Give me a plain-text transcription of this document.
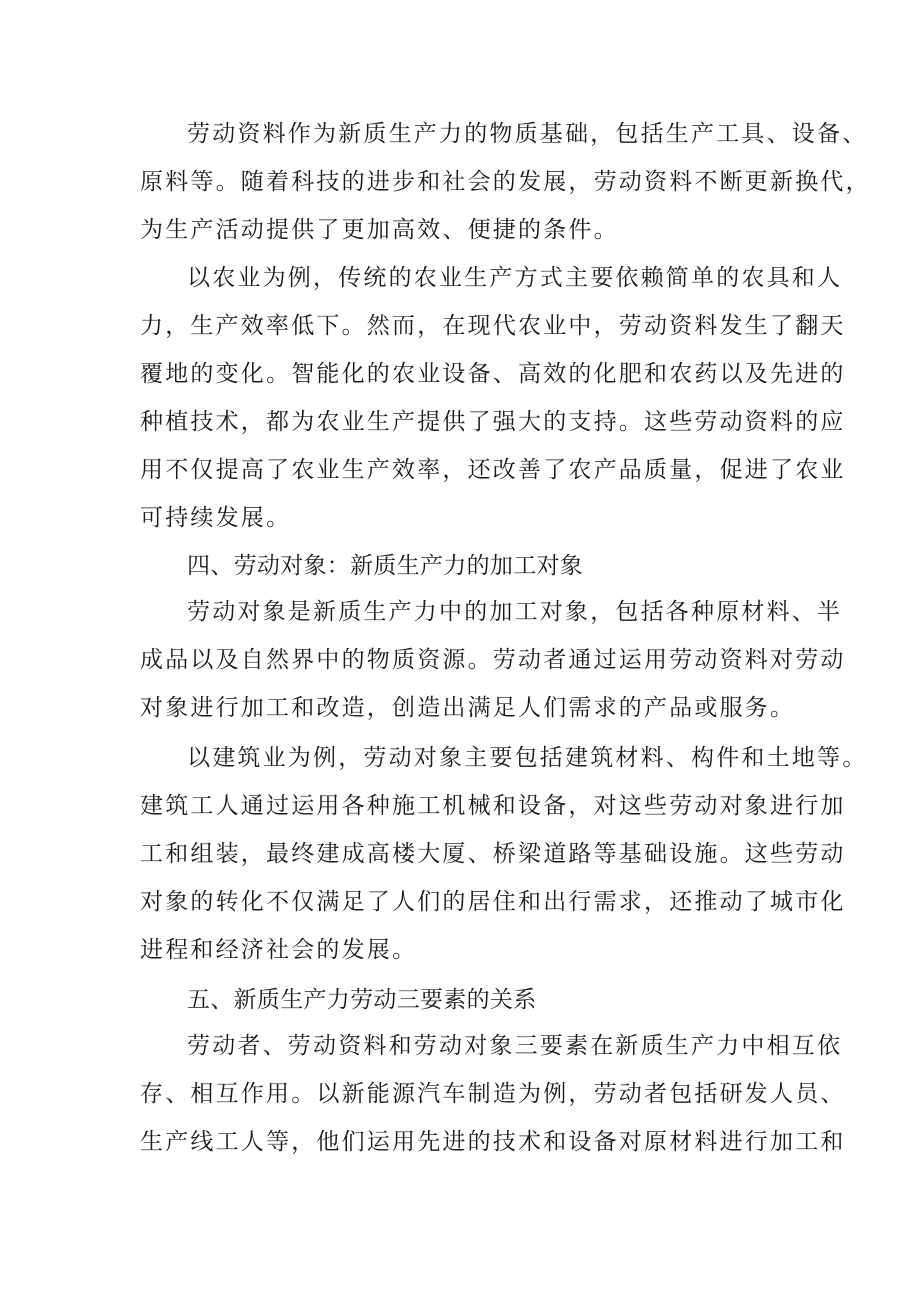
劳动资料作为新质生产力的物质基础，包括生产工具、设备、
原料等。随着科技的进步和社会的发展，劳动资料不断更新换代，
为生产活动提供了更加高效、便捷的条件。

以农业为例，传统的农业生产方式主要依赖简单的农具和人
力，生产效率低下。然而，在现代农业中，劳动资料发生了翻天
覆地的变化。智能化的农业设备、高效的化肥和农药以及先进的
种植技术，都为农业生产提供了强大的支持。这些劳动资料的应
用不仅提高了农业生产效率，还改善了农产品质量，促进了农业
可持续发展。

四、劳动对象：新质生产力的加工对象

劳动对象是新质生产力中的加工对象，包括各种原材料、半
成品以及自然界中的物质资源。劳动者通过运用劳动资料对劳动
对象进行加工和改造，创造出满足人们需求的产品或服务。

以建筑业为例，劳动对象主要包括建筑材料、构件和土地等。
建筑工人通过运用各种施工机械和设备，对这些劳动对象进行加
工和组装，最终建成高楼大厦、桥梁道路等基础设施。这些劳动
对象的转化不仅满足了人们的居住和出行需求，还推动了城市化
进程和经济社会的发展。

五、新质生产力劳动三要素的关系

劳动者、劳动资料和劳动对象三要素在新质生产力中相互依
存、相互作用。以新能源汽车制造为例，劳动者包括研发人员、
生产线工人等，他们运用先进的技术和设备对原材料进行加工和
